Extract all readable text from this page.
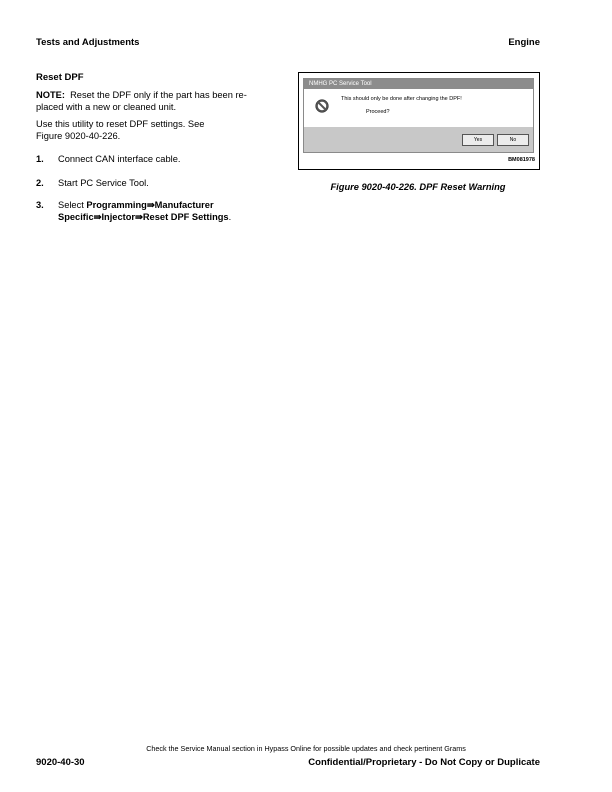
Tests and Adjustments	Engine
Reset DPF
NOTE: Reset the DPF only if the part has been re-
placed with a new or cleaned unit.
Use this utility to reset DPF settings. See
Figure 9020-40-226.
1. Connect CAN interface cable.
2. Start PC Service Tool.
3. Select Programming⇛Manufacturer
Specific⇛Injector⇛Reset DPF Settings.
NMHG PC Service Tool
This should only be done after changing the DPF!
Proceed?
Yes	No
BM081978
Figure 9020-40-226. DPF Reset Warning
Check the Service Manual section in Hypass Online for possible updates and check pertinent Grams
9020-40-30	Confidential/Proprietary - Do Not Copy or Duplicate
